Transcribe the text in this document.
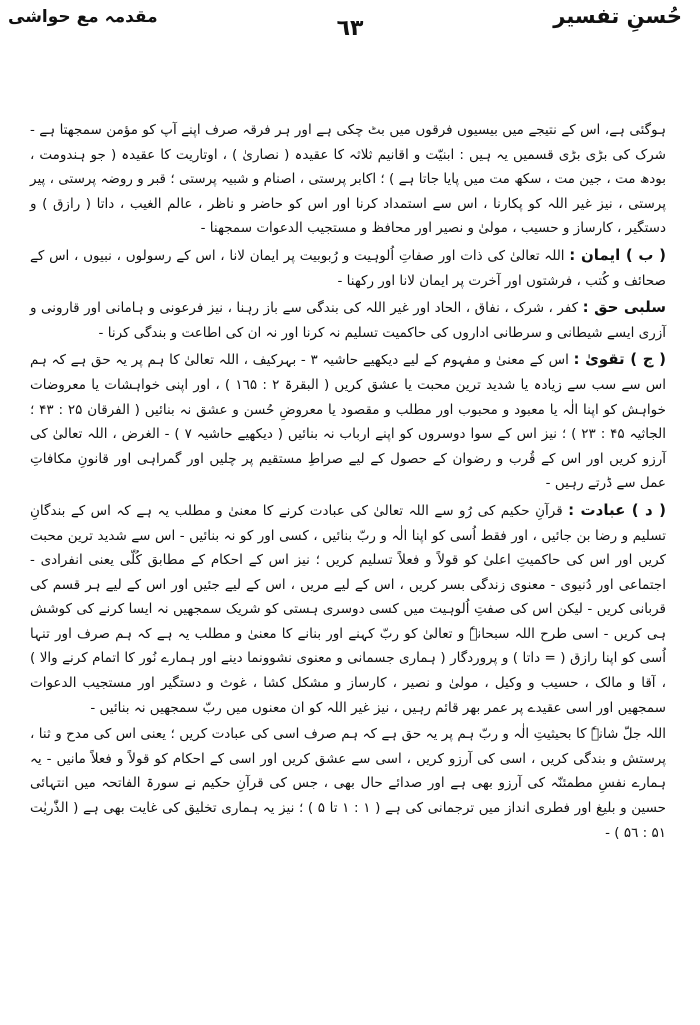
حُسنِ تفسیر
٦٣
مقدمہ مع حواشی

ہوگئی ہے، اس کے نتیجے میں بیسیوں فرقوں میں بٹ چکی ہے اور ہر فرقہ صرف اپنے آپ کو مؤمن سمجھتا ہے - شرک کی بڑی بڑی قسمیں یہ ہیں : ابنیّت و اقانیم ثلاثہ کا عقیدہ ( نصاریٰ ) ، اوتاریت کا عقیدہ ( جو ہندومت ، بودھ مت ، جین مت ، سکھ مت میں پایا جاتا ہے ) ؛ اکابر پرستی ، اصنام و شبیہ پرستی ؛ قبر و روضہ پرستی ، پیر پرستی ، نیز غیر اللہ کو پکارنا ، اس سے استمداد کرنا اور اس کو حاضر و ناظر ، عالم الغیب ، داتا ( رازق ) و دستگیر ، کارساز و حسیب ، مولیٰ و نصیر اور محافظ و مستجیب الدعوات سمجھنا -

( ب ) ایمان : اللہ تعالیٰ کی ذات اور صفاتِ اُلوہیت و رُبوبیت پر ایمان لانا ، اس کے رسولوں ، نبیوں ، اس کے صحائف و کُتب ، فرشتوں اور آخرت پر ایمان لانا اور رکھنا -

سلبی حق : کفر ، شرک ، نفاق ، الحاد اور غیر اللہ کی بندگی سے باز رہنا ، نیز فرعونی و ہامانی اور قارونی و آزری ایسے شیطانی و سرطانی اداروں کی حاکمیت تسلیم نہ کرنا اور نہ ان کی اطاعت و بندگی کرنا -

( ج ) تقویٰ : اس کے معنیٰ و مفہوم کے لیے دیکھیے حاشیہ ۳ - بہرکیف ، اللہ تعالیٰ کا ہم پر یہ حق ہے کہ ہم اس سے سب سے زیادہ یا شدید ترین محبت یا عشق کریں ( البقرۃ ۲ : ۱٦۵ ) ، اور اپنی خواہشات یا معروضات خواہش کو اپنا الٰہ یا معبود و محبوب اور مطلب و مقصود یا معروضِ حُسن و عشق نہ بنائیں ( الفرقان ۲۵ : ۴۳ ؛ الجاثیہ ۴۵ : ۲۳ ) ؛ نیز اس کے سوا دوسروں کو اپنے ارباب نہ بنائیں ( دیکھیے حاشیہ ۷ ) - الغرض ، اللہ تعالیٰ کی آرزو کریں اور اس کے قُرب و رضوان کے حصول کے لیے صراطِ مستقیم پر چلیں اور گمراہی اور قانونِ مکافاتِ عمل سے ڈرتے رہیں -

( د ) عبادت : قرآنِ حکیم کی رُو سے اللہ تعالیٰ کی عبادت کرنے کا معنیٰ و مطلب یہ ہے کہ اس کے بندگانِ تسلیم و رضا بن جائیں ، اور فقط اُسی کو اپنا الٰہ و ربّ بنائیں ، کسی اور کو نہ بنائیں - اس سے شدید ترین محبت کریں اور اس کی حاکمیتِ اعلیٰ کو قولاً و فعلاً تسلیم کریں ؛ نیز اس کے احکام کے مطابق کُلّی یعنی انفرادی - اجتماعی اور دُنیوی - معنوی زندگی بسر کریں ، اس کے لیے مریں ، اس کے لیے جئیں اور اس کے لیے ہر قسم کی قربانی کریں - لیکن اس کی صفتِ اُلوہیت میں کسی دوسری ہستی کو شریک سمجھیں نہ ایسا کرنے کی کوشش ہی کریں - اسی طرح اللہ سبحانہٗ و تعالیٰ کو ربّ کہنے اور بنانے کا معنیٰ و مطلب یہ ہے کہ ہم صرف اور تنہا اُسی کو اپنا رازق ( = داتا ) و پروردگار ( ہماری جسمانی و معنوی نشوونما دینے اور ہمارے نُور کا اتمام کرنے والا ) ، آقا و مالک ، حسیب و وکیل ، مولیٰ و نصیر ، کارساز و مشکل کشا ، غوث و دستگیر اور مستجیب الدعوات سمجھیں اور اسی عقیدے پر عمر بھر قائم رہیں ، نیز غیر اللہ کو ان معنوں میں ربّ سمجھیں نہ بنائیں -

اللہ جلّ شانہٗ کا بحیثیتِ الٰہ و ربّ ہم پر یہ حق ہے کہ ہم صرف اسی کی عبادت کریں ؛ یعنی اس کی مدح و ثنا ، پرستش و بندگی کریں ، اسی کی آرزو کریں ، اسی سے عشق کریں اور اسی کے احکام کو قولاً و فعلاً مانیں - یہ ہمارے نفسِ مطمئنّہ کی آرزو بھی ہے اور صدائے حال بھی ، جس کی قرآنِ حکیم نے سورۃ الفاتحہ میں انتہائی حسین و بلیغ اور فطری انداز میں ترجمانی کی ہے ( ۱ : ۱ تا ۵ ) ؛ نیز یہ ہماری تخلیق کی غایت بھی ہے ( الذّٰریٰت ۵۱ : ۵٦ ) -
